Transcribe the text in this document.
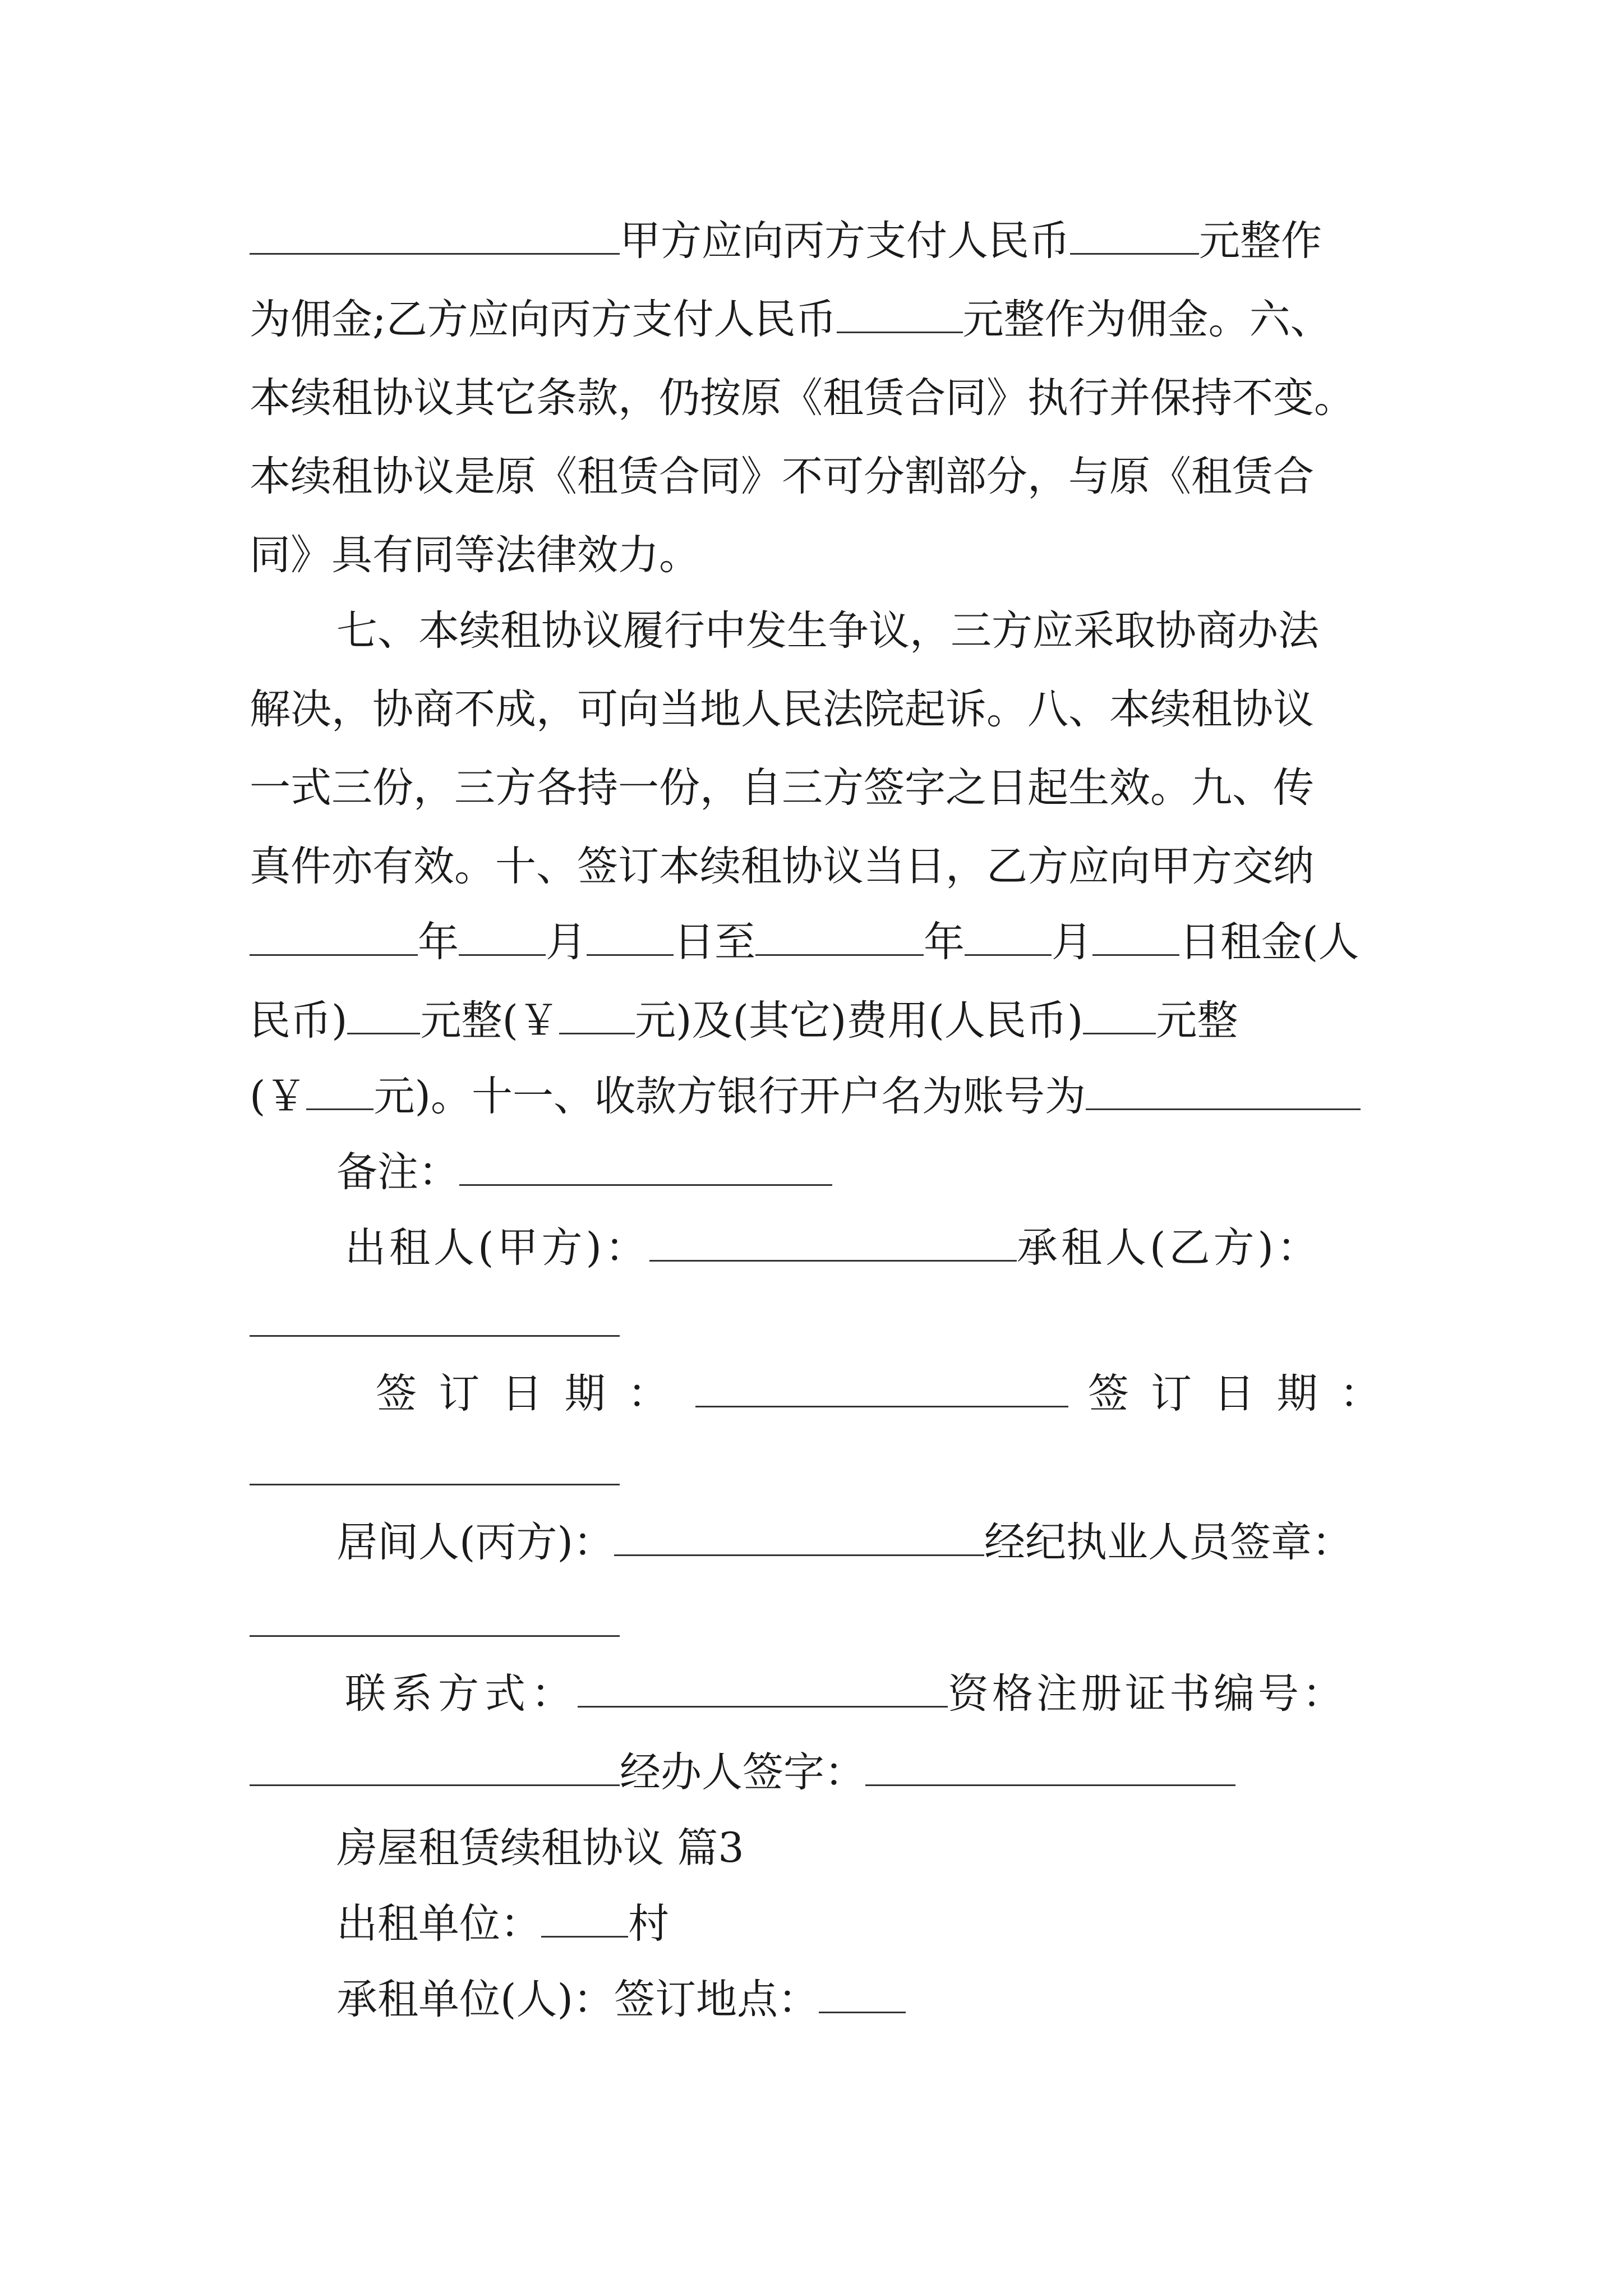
甲方应向丙方支付人民币	元整作
为佣金;乙方应向丙方支付人民币	元整作为佣金。六、
本续租协议其它条款，仍按原《租赁合同》执行并保持不变。
本续租协议是原《租赁合同》不可分割部分，与原《租赁合
同》具有同等法律效力。
七、本续租协议履行中发生争议，三方应采取协商办法
解决，协商不成，可向当地人民法院起诉。八、本续租协议
一式三份，三方各持一份，自三方签字之日起生效。九、传
真件亦有效。十、签订本续租协议当日，乙方应向甲方交纳
年 月 日至	年 月 日租金(人
民币) 元整(￥ 元)及(其它)费用(人民币) 元整
(￥ 元)。十一、收款方银行开户名为账号为
备注：
出租人(甲方)：	承租人(乙方)：
签 订 日 期 ：	签 订 日 期 ：
居间人(丙方)：	经纪执业人员签章：
联系方式：	资格注册证书编号：
经办人签字：
房屋租赁续租协议 篇3
出租单位： 村
承租单位(人)：签订地点：
